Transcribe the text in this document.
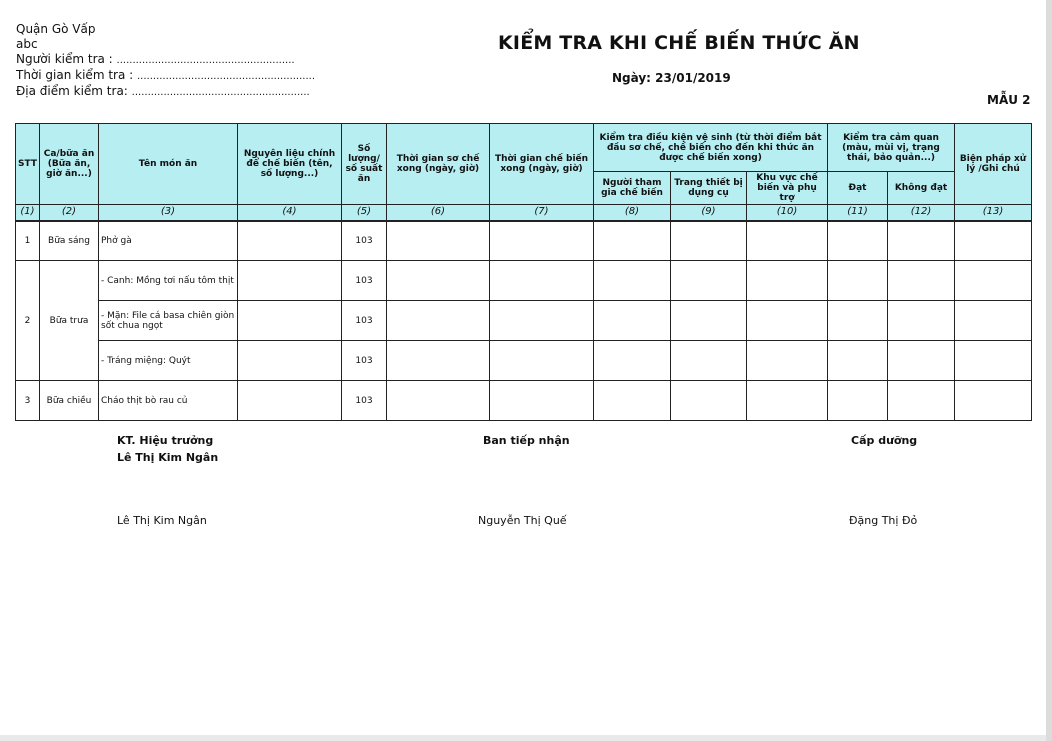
Quận Gò Vấp
abc
Người kiểm tra : ........................................................
Thời gian kiểm tra : ........................................................
Địa điểm kiểm tra: ........................................................
KIỂM TRA KHI CHẾ BIẾN THỨC ĂN
Ngày: 23/01/2019
MẪU 2
STT	Ca/bữa ăn (Bữa ăn, giờ ăn...)	Tên món ăn	Nguyên liệu chính để chế biến (tên, số lượng...)	Số lượng/ số suất ăn	Thời gian sơ chế xong (ngày, giờ)	Thời gian chế biến xong (ngày, giờ)	Kiểm tra điều kiện vệ sinh (từ thời điểm bắt đầu sơ chế, chế biến cho đến khi thức ăn được chế biến xong)			Kiểm tra cảm quan (màu, mùi vị, trạng thái, bảo quản...)		Biện pháp xử lý /Ghi chú
							Người tham gia chế biến	Trang thiết bị dụng cụ	Khu vực chế biến và phụ trợ	Đạt	Không đạt	
(1)	(2)	(3)	(4)	(5)	(6)	(7)	(8)	(9)	(10)	(11)	(12)	(13)
1	Bữa sáng	Phở gà		103								
2	Bữa trưa	- Canh: Mồng tơi nấu tôm thịt		103								
		- Mặn: File cá basa chiên giòn sốt chua ngọt		103								
		- Tráng miệng: Quýt		103								
3	Bữa chiều	Cháo thịt bò rau củ		103								
KT. Hiệu trưởng
Lê Thị Kim Ngân
Ban tiếp nhận	Cấp dưỡng
Lê Thị Kim Ngân	Nguyễn Thị Quế	Đặng Thị Đỏ
